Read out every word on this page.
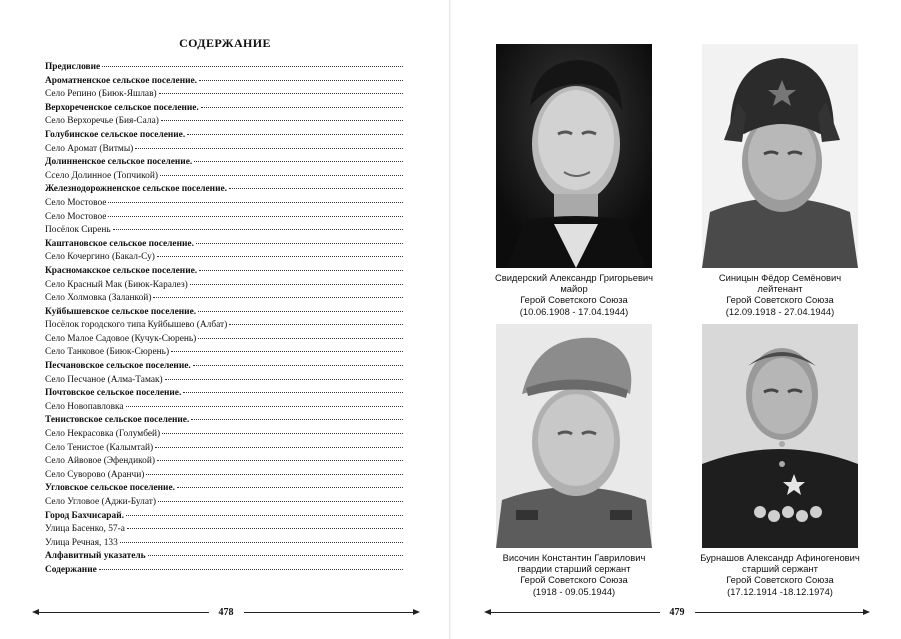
СОДЕРЖАНИЕ
Предисловие
Ароматненское сельское поселение.
Село Репино (Биюк-Яшлав)
Верхореченское сельское поселение.
Село Верхоречье (Бия-Сала)
Голубинское сельское поселение.
Село Аромат (Витмы)
Долинненское сельское поселение.
Ссело Долинное (Топчикой)
Железнодорожненское сельское поселение.
Село Мостовое
Село Мостовое
Посёлок Сирень
Каштановское сельское поселение.
Село Кочергино (Бакал-Су)
Красномакское сельское поселение.
Село Красный Мак (Биюк-Каралез)
Село Холмовка (Заланкой)
Куйбышевское сельское поселение.
Посёлок городского типа Куйбышево (Албат)
Село Малое Садовое (Кучук-Сюрень)
Село Танковое (Биюк-Сюрень)
Песчановское сельское поселение.
Село Песчаное (Алма-Тамак)
Почтовское сельское поселение.
Село Новопавловка
Тенистовское сельское поселение.
Село Некрасовка (Голумбей)
Село Тенистое (Калымтай)
Село Айвовое (Эфендикой)
Село Суворово (Аранчи)
Угловское сельское поселение.
Село Угловое (Аджи-Булат)
Город Бахчисарай.
Улица Басенко, 57-а
Улица Речная, 133
Алфавитный указатель
Содержание
478
Свидерский Александр Григорьевич
майор
Герой Советского Союза
(10.06.1908 - 17.04.1944)
Синицын Фёдор Семёнович
лейтенант
Герой Советского Союза
(12.09.1918 - 27.04.1944)
Височин Константин Гаврилович
гвардии старший сержант
Герой Советского Союза
(1918 - 09.05.1944)
Бурнашов Александр Афиногенович
старший сержант
Герой Советского Союза
(17.12.1914 -18.12.1974)
479
